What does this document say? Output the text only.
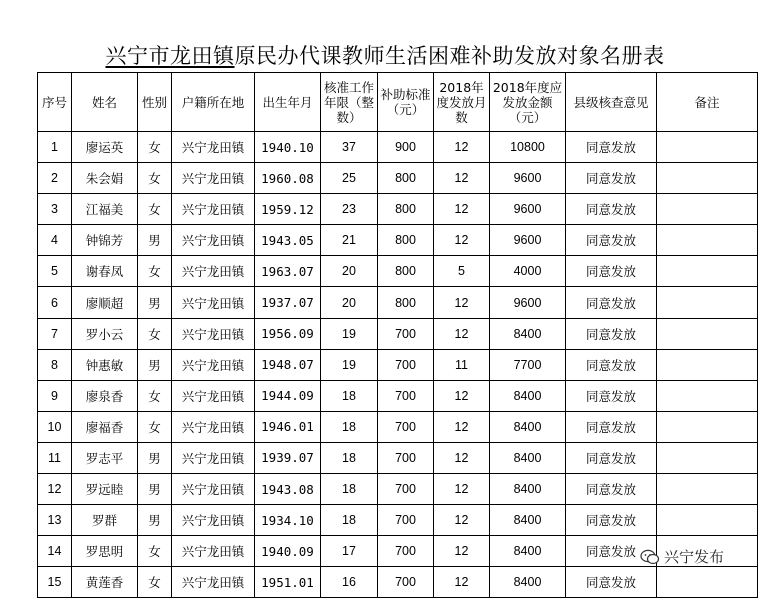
兴宁市龙田镇原民办代课教师生活困难补助发放对象名册表
序号	姓名	性别	户籍所在地	出生年月	核准工作年限（整数）	补助标准（元）	2018年度发放月数	2018年度应发放金额（元）	县级核查意见	备注
1	廖运英	女	兴宁龙田镇	1940.10	37	900	12	10800	同意发放	
2	朱会娟	女	兴宁龙田镇	1960.08	25	800	12	9600	同意发放	
3	江福美	女	兴宁龙田镇	1959.12	23	800	12	9600	同意发放	
4	钟锦芳	男	兴宁龙田镇	1943.05	21	800	12	9600	同意发放	
5	谢春凤	女	兴宁龙田镇	1963.07	20	800	5	4000	同意发放	
6	廖顺超	男	兴宁龙田镇	1937.07	20	800	12	9600	同意发放	
7	罗小云	女	兴宁龙田镇	1956.09	19	700	12	8400	同意发放	
8	钟惠敏	男	兴宁龙田镇	1948.07	19	700	11	7700	同意发放	
9	廖泉香	女	兴宁龙田镇	1944.09	18	700	12	8400	同意发放	
10	廖福香	女	兴宁龙田镇	1946.01	18	700	12	8400	同意发放	
11	罗志平	男	兴宁龙田镇	1939.07	18	700	12	8400	同意发放	
12	罗远睦	男	兴宁龙田镇	1943.08	18	700	12	8400	同意发放	
13	罗群	男	兴宁龙田镇	1934.10	18	700	12	8400	同意发放	
14	罗思明	女	兴宁龙田镇	1940.09	17	700	12	8400	同意发放	
15	黄莲香	女	兴宁龙田镇	1951.01	16	700	12	8400	同意发放	
兴宁发布
